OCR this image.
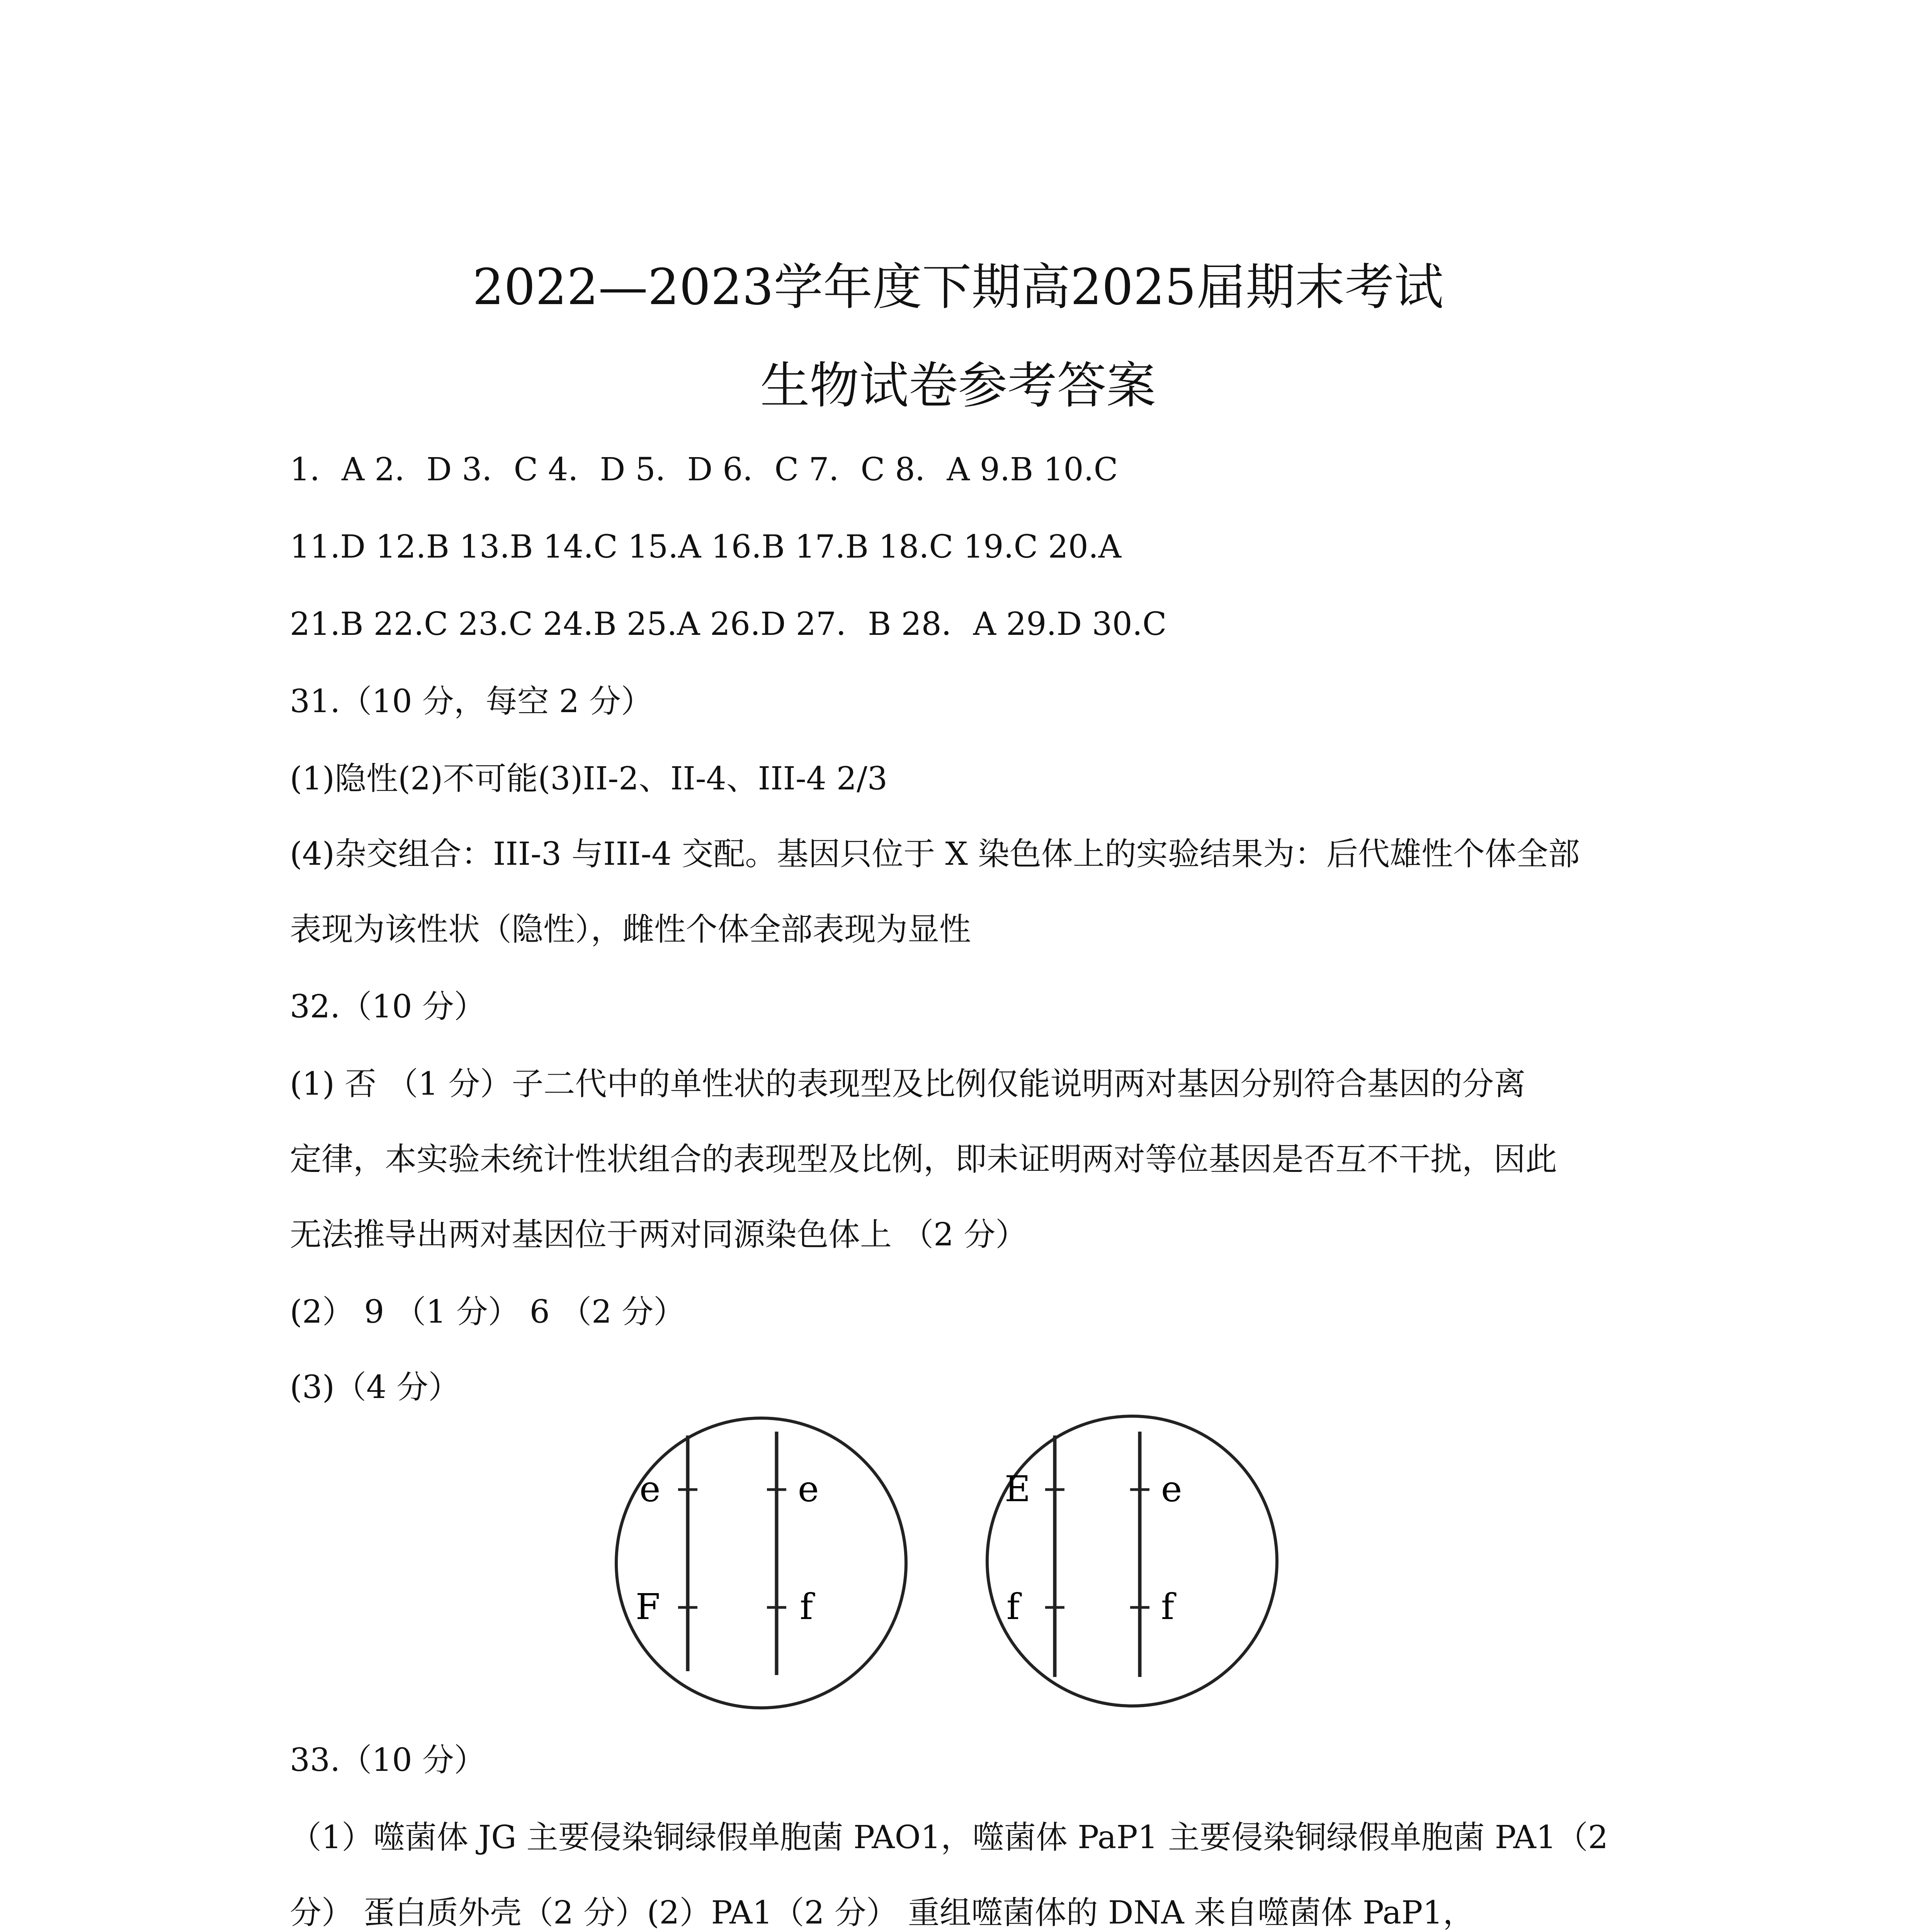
2022—2023学年度下期高2025届期末考试
生物试卷参考答案
1．A 2．D 3．C 4．D 5．D 6．C 7．C 8．A 9.B 10.C
11.D 12.B 13.B 14.C 15.A 16.B 17.B 18.C 19.C 20.A
21.B 22.C 23.C 24.B 25.A 26.D 27．B 28．A 29.D 30.C
31.（10 分，每空 2 分）
(1)隐性(2)不可能(3)II-2、II-4、III-4 2/3
(4)杂交组合：III-3 与III-4 交配。基因只位于 X 染色体上的实验结果为：后代雄性个体全部
表现为该性状（隐性），雌性个体全部表现为显性
32.（10 分）
(1) 否 （1 分）子二代中的单性状的表现型及比例仅能说明两对基因分别符合基因的分离
定律，本实验未统计性状组合的表现型及比例，即未证明两对等位基因是否互不干扰，因此
无法推导出两对基因位于两对同源染色体上 （2 分）
(2） 9 （1 分） 6 （2 分）
(3)（4 分）
e	e
F	f
E	e
f	f
33.（10 分）
（1）噬菌体 JG 主要侵染铜绿假单胞菌 PAO1，噬菌体 PaP1 主要侵染铜绿假单胞菌 PA1（2
分） 蛋白质外壳（2 分）(2）PA1（2 分） 重组噬菌体的 DNA 来自噬菌体 PaP1，
